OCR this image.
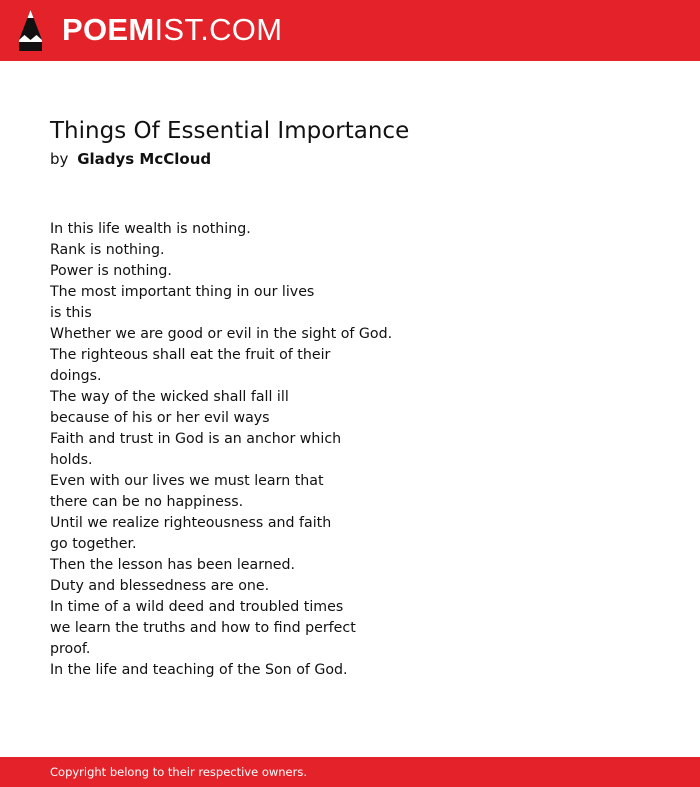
POEMIST.COM
Things Of Essential Importance
by Gladys McCloud
In this life wealth is nothing.
Rank is nothing.
Power is nothing.
The most important thing in our lives
is this
Whether we are good or evil in the sight of God.
The righteous shall eat the fruit of their
doings.
The way of the wicked shall fall ill
because of his or her evil ways
Faith and trust in God is an anchor which
holds.
Even with our lives we must learn that
there can be no happiness.
Until we realize righteousness and faith
go together.
Then the lesson has been learned.
Duty and blessedness are one.
In time of a wild deed and troubled times
we learn the truths and how to find perfect
proof.
In the life and teaching of the Son of God.
Copyright belong to their respective owners.
